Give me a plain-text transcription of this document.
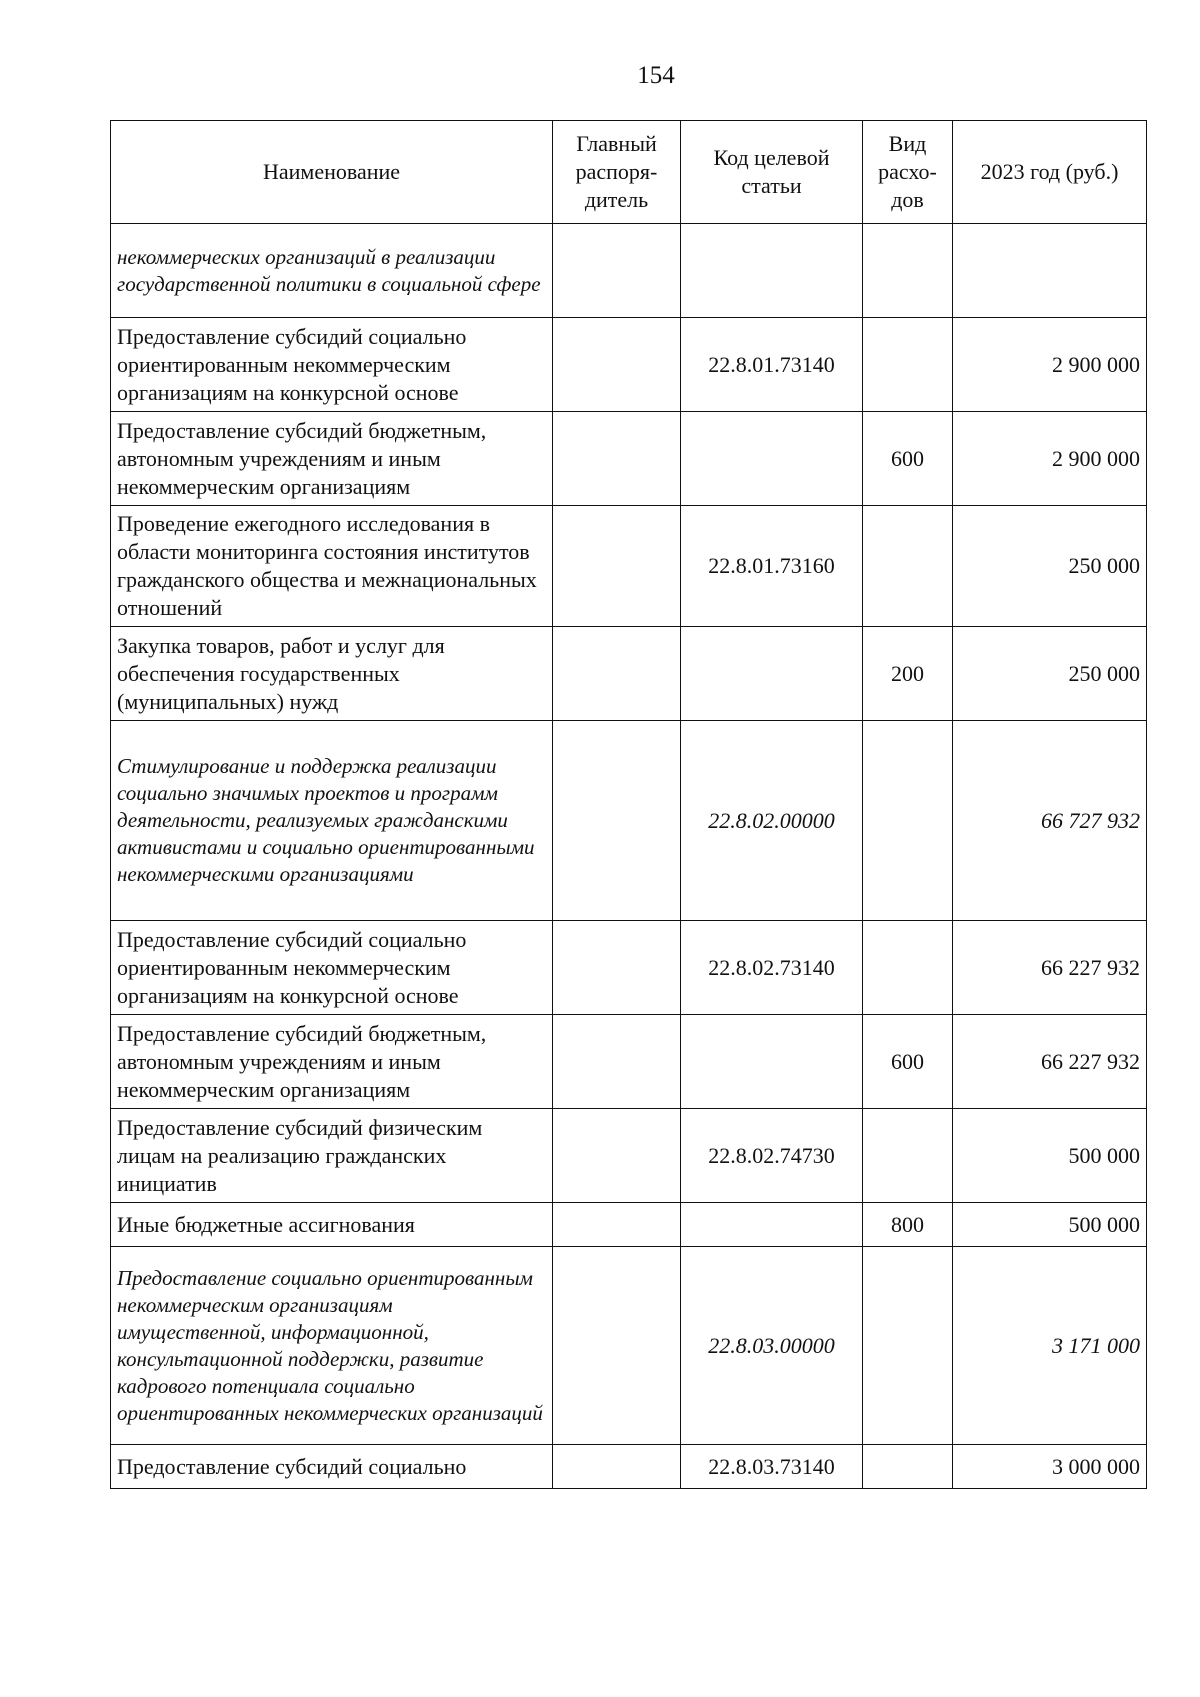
154
Наименование	Главный распоря-дитель	Код целевой статьи	Вид расхо-дов	2023 год (руб.)
некоммерческих организаций в реализации государственной политики в социальной сфере				
Предоставление субсидий социально ориентированным некоммерческим организациям на конкурсной основе		22.8.01.73140		2 900 000
Предоставление субсидий бюджетным, автономным учреждениям и иным некоммерческим организациям			600	2 900 000
Проведение ежегодного исследования в области мониторинга состояния институтов гражданского общества и межнациональных отношений		22.8.01.73160		250 000
Закупка товаров, работ и услуг для обеспечения государственных (муниципальных) нужд			200	250 000
Стимулирование и поддержка реализации социально значимых проектов и программ деятельности, реализуемых гражданскими активистами и социально ориентированными некоммерческими организациями		22.8.02.00000		66 727 932
Предоставление субсидий социально ориентированным некоммерческим организациям на конкурсной основе		22.8.02.73140		66 227 932
Предоставление субсидий бюджетным, автономным учреждениям и иным некоммерческим организациям			600	66 227 932
Предоставление субсидий физическим лицам на реализацию гражданских инициатив		22.8.02.74730		500 000
Иные бюджетные ассигнования			800	500 000
Предоставление социально ориентированным некоммерческим организациям имущественной, информационной, консультационной поддержки, развитие кадрового потенциала социально ориентированных некоммерческих организаций		22.8.03.00000		3 171 000
Предоставление субсидий социально		22.8.03.73140		3 000 000
